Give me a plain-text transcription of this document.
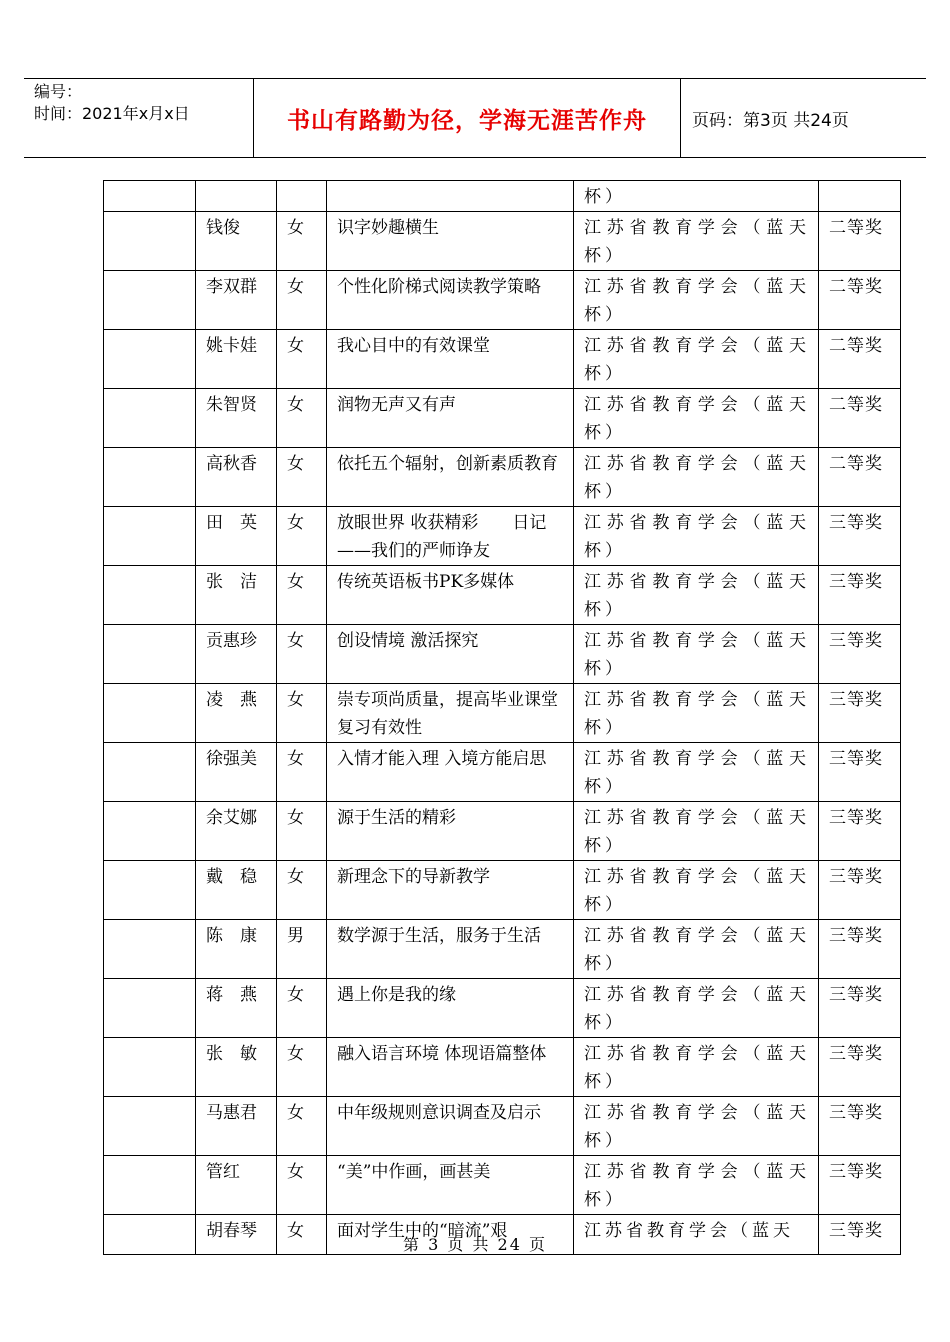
编号：
时间：2021年x月x日	书山有路勤为径，学海无涯苦作舟	页码：第3页 共24页
				杯）	
	钱俊	女	识字妙趣横生	江苏省教育学会（蓝天杯）	二等奖
	李双群	女	个性化阶梯式阅读教学策略	江苏省教育学会（蓝天杯）	二等奖
	姚卡娃	女	我心目中的有效课堂	江苏省教育学会（蓝天杯）	二等奖
	朱智贤	女	润物无声又有声	江苏省教育学会（蓝天杯）	二等奖
	高秋香	女	依托五个辐射，创新素质教育	江苏省教育学会（蓝天杯）	二等奖
	田　英	女	放眼世界 收获精彩　　日记——我们的严师诤友	江苏省教育学会（蓝天杯）	三等奖
	张　洁	女	传统英语板书PK多媒体	江苏省教育学会（蓝天杯）	三等奖
	贡惠珍	女	创设情境 激活探究	江苏省教育学会（蓝天杯）	三等奖
	凌　燕	女	崇专项尚质量，提高毕业课堂复习有效性	江苏省教育学会（蓝天杯）	三等奖
	徐强美	女	入情才能入理 入境方能启思	江苏省教育学会（蓝天杯）	三等奖
	余艾娜	女	源于生活的精彩	江苏省教育学会（蓝天杯）	三等奖
	戴　稳	女	新理念下的导新教学	江苏省教育学会（蓝天杯）	三等奖
	陈　康	男	数学源于生活，服务于生活	江苏省教育学会（蓝天杯）	三等奖
	蒋　燕	女	遇上你是我的缘	江苏省教育学会（蓝天杯）	三等奖
	张　敏	女	融入语言环境 体现语篇整体	江苏省教育学会（蓝天杯）	三等奖
	马惠君	女	中年级规则意识调查及启示	江苏省教育学会（蓝天杯）	三等奖
	管红	女	“美”中作画，画甚美	江苏省教育学会（蓝天杯）	三等奖
	胡春琴	女	面对学生中的“暗流”艰	江苏省教育学会（蓝天	三等奖
第 3 页 共 24 页
